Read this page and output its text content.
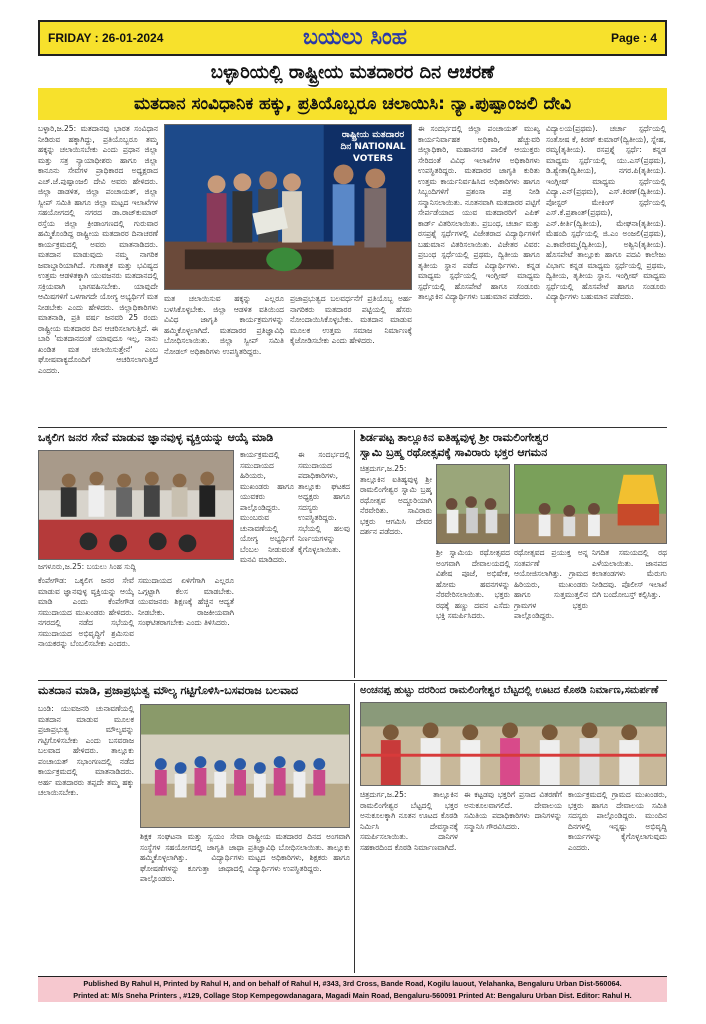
FRIDAY : 26-01-2024	ಬಯಲು ಸಿಂಹ	Page : 4
ಬಳ್ಳಾರಿಯಲ್ಲಿ ರಾಷ್ಟ್ರೀಯ ಮತದಾರರ ದಿನ ಆಚರಣೆ
ಮತದಾನ ಸಂವಿಧಾನಿಕ ಹಕ್ಕು, ಪ್ರತಿಯೊಬ್ಬರೂ ಚಲಾಯಿಸಿ: ನ್ಯಾ.ಪುಷ್ಪಾಂಜಲಿ ದೇವಿ
ಬಳ್ಳಾರಿ,ಜ.25: ಮತದಾನವು ಭಾರತ ಸಂವಿಧಾನ ನೀಡಿರುವ ಹಕ್ಕಾಗಿದ್ದು, ಪ್ರತಿಯೊಬ್ಬರೂ ತಮ್ಮ ಹಕ್ಕನ್ನು ಚಲಾಯಿಸಬೇಕು ಎಂದು ಪ್ರಧಾನ ಜಿಲ್ಲಾ ಮತ್ತು ಸತ್ರ ನ್ಯಾಯಾಧೀಶರು ಹಾಗೂ ಜಿಲ್ಲಾ ಕಾನೂನು ಸೇವೆಗಳ ಪ್ರಾಧಿಕಾರದ ಅಧ್ಯಕ್ಷರಾದ ಎಚ್.ಜೆ.ಪುಷ್ಪಾಂಜಲಿ ದೇವಿ ಅವರು ಹೇಳಿದರು. ಜಿಲ್ಲಾ ಡಾಡಳಿತ, ಜಿಲ್ಲಾ ಪಂಚಾಯತ್, ಜಿಲ್ಲಾ ಸ್ವೀಪ್ ಸಮಿತಿ ಹಾಗೂ ಜಿಲ್ಲಾ ಮಟ್ಟದ ಇಲಾಖೆಗಳ ಸಹಯೋಗದಲ್ಲಿ ನಗರದ ಡಾ.ರಾಜ್‌ಕುಮಾರ್ ರಸ್ತೆಯ ಜಿಲ್ಲಾ ಕ್ರೀಡಾಂಗಣದಲ್ಲಿ ಗುರುವಾರ ಹಮ್ಮಿಕೊಂಡಿದ್ದ ರಾಷ್ಟ್ರೀಯ ಮತದಾರರ ದಿನಾಚರಣೆ ಕಾರ್ಯಕ್ರಮದಲ್ಲಿ ಅವರು ಮಾತನಾಡಿದರು. ಮತದಾನ ಮಾಡುವುದು ನಮ್ಮ ನಾಗರಿಕ ಜವಾಬ್ದಾರಿಯಾಗಿದೆ. ಗುಣಾತ್ಮಕ ಮತ್ತು ಭವಿಷ್ಯದ ಉತ್ತಮ ಆಡಳಿತಕ್ಕಾಗಿ ಯುವಜನರು ಮತದಾನದಲ್ಲಿ ಸಕ್ರಿಯವಾಗಿ ಭಾಗವಹಿಸಬೇಕು. ಯಾವುದೇ ಆಮಿಷಗಳಿಗೆ ಒಳಗಾಗದೇ ಯೋಗ್ಯ ಅಭ್ಯರ್ಥಿಗೆ ಮತ ನೀಡಬೇಕು ಎಂದು ಹೇಳಿದರು. ಜಿಲ್ಲಾಧಿಕಾರಿಗಳು ಮಾತನಾಡಿ, ಪ್ರತಿ ವರ್ಷ ಜನವರಿ 25 ರಂದು ರಾಷ್ಟ್ರೀಯ ಮತದಾರರ ದಿನ ಆಚರಿಸಲಾಗುತ್ತಿದೆ. ಈ ಬಾರಿ 'ಮತದಾನದಂತೆ ಯಾವುದೂ ಇಲ್ಲ, ನಾನು ಖಂಡಿತ ಮತ ಚಲಾಯಿಸುತ್ತೇನೆ' ಎಂಬ ಘೋಷವಾಕ್ಯದೊಂದಿಗೆ ಆಚರಿಸಲಾಗುತ್ತಿದೆ ಎಂದರು.
ರಾಷ್ಟ್ರೀಯ ಮತದಾರರ ದಿನ NATIONAL VOTERS
ಮತ ಚಲಾಯಿಸುವ ಹಕ್ಕನ್ನು ಎಲ್ಲರೂ ಬಳಸಿಕೊಳ್ಳಬೇಕು. ಜಿಲ್ಲಾ ಆಡಳಿತ ವತಿಯಿಂದ ವಿವಿಧ ಜಾಗೃತಿ ಕಾರ್ಯಕ್ರಮಗಳನ್ನು ಹಮ್ಮಿಕೊಳ್ಳಲಾಗಿದೆ. ಮತದಾರರ ಪ್ರತಿಜ್ಞಾವಿಧಿ ಬೋಧಿಸಲಾಯಿತು. ಜಿಲ್ಲಾ ಸ್ವೀಪ್ ಸಮಿತಿ ನೋಡಲ್ ಅಧಿಕಾರಿಗಳು ಉಪಸ್ಥಿತರಿದ್ದರು.
ಪ್ರಜಾಪ್ರಭುತ್ವದ ಬಲವರ್ಧನೆಗೆ ಪ್ರತಿಯೊಬ್ಬ ಅರ್ಹ ನಾಗರಿಕರು ಮತದಾರರ ಪಟ್ಟಿಯಲ್ಲಿ ಹೆಸರು ನೋಂದಾಯಿಸಿಕೊಳ್ಳಬೇಕು. ಮತದಾನ ಮಾಡುವ ಮೂಲಕ ಉತ್ತಮ ಸಮಾಜ ನಿರ್ಮಾಣಕ್ಕೆ ಕೈಜೋಡಿಸಬೇಕು ಎಂದು ಹೇಳಿದರು.
ಈ ಸಂದರ್ಭದಲ್ಲಿ ಜಿಲ್ಲಾ ಪಂಚಾಯತ್ ಮುಖ್ಯ ಕಾರ್ಯನಿರ್ವಾಹಕ ಅಧಿಕಾರಿ, ಹೆಚ್ಚುವರಿ ಜಿಲ್ಲಾಧಿಕಾರಿ, ಮಹಾನಗರ ಪಾಲಿಕೆ ಆಯುಕ್ತರು ಸೇರಿದಂತೆ ವಿವಿಧ ಇಲಾಖೆಗಳ ಅಧಿಕಾರಿಗಳು ಉಪಸ್ಥಿತರಿದ್ದರು. ಮತದಾರರ ಜಾಗೃತಿ ಕುರಿತು ಉತ್ತಮ ಕಾರ್ಯನಿರ್ವಹಿಸಿದ ಅಧಿಕಾರಿಗಳು ಹಾಗೂ ಸಿಬ್ಬಂದಿಗಳಿಗೆ ಪ್ರಶಂಸಾ ಪತ್ರ ನೀಡಿ ಸನ್ಮಾನಿಸಲಾಯಿತು. ನೂತನವಾಗಿ ಮತದಾರರ ಪಟ್ಟಿಗೆ ಸೇರ್ಪಡೆಯಾದ ಯುವ ಮತದಾರರಿಗೆ ಎಪಿಕ್ ಕಾರ್ಡ್ ವಿತರಿಸಲಾಯಿತು. ಪ್ರಬಂಧ, ಚರ್ಚಾ ಮತ್ತು ರಸಪ್ರಶ್ನೆ ಸ್ಪರ್ಧೆಗಳಲ್ಲಿ ವಿಜೇತರಾದ ವಿದ್ಯಾರ್ಥಿಗಳಿಗೆ ಬಹುಮಾನ ವಿತರಿಸಲಾಯಿತು. ವಿಜೇತರ ವಿವರ: ಪ್ರಬಂಧ ಸ್ಪರ್ಧೆಯಲ್ಲಿ ಪ್ರಥಮ, ದ್ವಿತೀಯ ಹಾಗೂ ತೃತೀಯ ಸ್ಥಾನ ಪಡೆದ ವಿದ್ಯಾರ್ಥಿಗಳು. ಕನ್ನಡ ಮಾಧ್ಯಮ ಸ್ಪರ್ಧೆಯಲ್ಲಿ ಇಂಗ್ಲೀಷ್ ಮಾಧ್ಯಮ ಸ್ಪರ್ಧೆಯಲ್ಲಿ ಹೊಸಪೇಟೆ ಹಾಗೂ ಸಂಡೂರು ತಾಲ್ಲೂಕಿನ ವಿದ್ಯಾರ್ಥಿಗಳು ಬಹುಮಾನ ಪಡೆದರು.
ವಿದ್ಯಾಲಯ(ಪ್ರಥಮ). ಚರ್ಚಾ ಸ್ಪರ್ಧೆಯಲ್ಲಿ ಸಂತೋಷ ಕೆ, ಕಿರಣ್ ಕುಮಾರ್(ದ್ವಿತೀಯ), ಸ್ನೇಹ, ರಮ್ಯ(ತೃತೀಯ). ರಸಪ್ರಶ್ನೆ ಸ್ಪರ್ಧೆ: ಕನ್ನಡ ಮಾಧ್ಯಮ ಸ್ಪರ್ಧೆಯಲ್ಲಿ ಯು.ಎಸ್(ಪ್ರಥಮ), ಡಿ.ಶ್ವೇತಾ(ದ್ವಿತೀಯ), ನಗರ.ಪಿ(ತೃತೀಯ). ಇಂಗ್ಲೀಷ್ ಮಾಧ್ಯಮ ಸ್ಪರ್ಧೆಯಲ್ಲಿ ವಿದ್ಯಾ.ಎನ್(ಪ್ರಥಮ), ಎಸ್.ಕಿರಣ್(ದ್ವಿತೀಯ). ಪೋಸ್ಟರ್ ಮೇಕಿಂಗ್ ಸ್ಪರ್ಧೆಯಲ್ಲಿ ಎಸ್.ಕೆ.ಪ್ರಶಾಂತ್(ಪ್ರಥಮ), ಎನ್.ಕೀರ್ತಿ(ದ್ವಿತೀಯ), ಮೇಘನಾ(ತೃತೀಯ). ಮೆಹಂದಿ ಸ್ಪರ್ಧೆಯಲ್ಲಿ ಜಿ.ಎಂ ಅಂಜಲಿ(ಪ್ರಥಮ), ಎ.ಕಾವೇರಮ್ಮ(ದ್ವಿತೀಯ), ಅಶ್ವಿನಿ(ತೃತೀಯ). ಹೊಸಪೇಟೆ ತಾಲ್ಲೂಕು ಹಾಗೂ ಪದವಿ ಕಾಲೇಜು ವಿಭಾಗ: ಕನ್ನಡ ಮಾಧ್ಯಮ ಸ್ಪರ್ಧೆಯಲ್ಲಿ ಪ್ರಥಮ, ದ್ವಿತೀಯ, ತೃತೀಯ ಸ್ಥಾನ. ಇಂಗ್ಲೀಷ್ ಮಾಧ್ಯಮ ಸ್ಪರ್ಧೆಯಲ್ಲಿ ಹೊಸಪೇಟೆ ಹಾಗೂ ಸಂಡೂರು ವಿದ್ಯಾರ್ಥಿಗಳು ಬಹುಮಾನ ಪಡೆದರು.
ಒಕ್ಕಲಿಗ ಜನರ ಸೇವೆ ಮಾಡುವ ಜ್ಞಾನವುಳ್ಳ ವ್ಯಕ್ತಿಯನ್ನು ಆಯ್ಕೆ ಮಾಡಿ
ಜಗಳೂರು,ಜ.25: ಬಯಲು ಸಿಂಹ ಸುದ್ದಿ
ಕೆಂಪೇಗೌಡ: ಒಕ್ಕಲಿಗ ಜನರ ಸೇವೆ ಮಾಡುವ ಜ್ಞಾನವುಳ್ಳ ವ್ಯಕ್ತಿಯನ್ನು ಆಯ್ಕೆ ಮಾಡಿ ಎಂದು ಕೆಂಪೇಗೌಡ ಸಮುದಾಯದ ಮುಖಂಡರು ಹೇಳಿದರು. ನಗರದಲ್ಲಿ ನಡೆದ ಸಭೆಯಲ್ಲಿ ಸಮುದಾಯದ ಅಭಿವೃದ್ಧಿಗೆ ಶ್ರಮಿಸುವ ನಾಯಕರನ್ನು ಬೆಂಬಲಿಸಬೇಕು ಎಂದರು.
ಸಮುದಾಯದ ಏಳಿಗೆಗಾಗಿ ಎಲ್ಲರೂ ಒಗ್ಗಟ್ಟಾಗಿ ಕೆಲಸ ಮಾಡಬೇಕು. ಯುವಜನರು ಶಿಕ್ಷಣಕ್ಕೆ ಹೆಚ್ಚಿನ ಆದ್ಯತೆ ನೀಡಬೇಕು. ರಾಜಕೀಯವಾಗಿ ಸಂಘಟಿತರಾಗಬೇಕು ಎಂದು ತಿಳಿಸಿದರು.
ಕಾರ್ಯಕ್ರಮದಲ್ಲಿ ಸಮುದಾಯದ ಹಿರಿಯರು, ಮುಖಂಡರು ಹಾಗೂ ಯುವಕರು ಪಾಲ್ಗೊಂಡಿದ್ದರು. ಮುಂಬರುವ ಚುನಾವಣೆಯಲ್ಲಿ ಯೋಗ್ಯ ಅಭ್ಯರ್ಥಿಗೆ ಬೆಂಬಲ ನೀಡುವಂತೆ ಮನವಿ ಮಾಡಿದರು.
ಈ ಸಂದರ್ಭದಲ್ಲಿ ಸಮುದಾಯದ ಪದಾಧಿಕಾರಿಗಳು, ತಾಲ್ಲೂಕು ಘಟಕದ ಅಧ್ಯಕ್ಷರು ಹಾಗೂ ಸದಸ್ಯರು ಉಪಸ್ಥಿತರಿದ್ದರು. ಸಭೆಯಲ್ಲಿ ಹಲವು ನಿರ್ಣಯಗಳನ್ನು ಕೈಗೊಳ್ಳಲಾಯಿತು.
ಶಿರ್ಡಪಟ್ಟ ತಾಲ್ಲೂಕಿನ ಐತಿಹ್ಯವುಳ್ಳ ಶ್ರೀ ರಾಮಲಿಂಗೇಶ್ವರ
ಸ್ವಾಮಿ ಬ್ರಹ್ಮ ರಥೋತ್ಸವಕ್ಕೆ ಸಾವಿರಾರು ಭಕ್ತರ ಆಗಮನ
ಚಿತ್ರದುರ್ಗ,ಜ.25: ತಾಲ್ಲೂಕಿನ ಐತಿಹ್ಯವುಳ್ಳ ಶ್ರೀ ರಾಮಲಿಂಗೇಶ್ವರ ಸ್ವಾಮಿ ಬ್ರಹ್ಮ ರಥೋತ್ಸವ ಅದ್ದೂರಿಯಾಗಿ ನೆರವೇರಿತು. ಸಾವಿರಾರು ಭಕ್ತರು ಆಗಮಿಸಿ ದೇವರ ದರ್ಶನ ಪಡೆದರು.
ಶ್ರೀ ಸ್ವಾಮಿಯ ರಥೋತ್ಸವದ ಅಂಗವಾಗಿ ದೇವಾಲಯದಲ್ಲಿ ವಿಶೇಷ ಪೂಜೆ, ಅಭಿಷೇಕ, ಹೋಮ ಹವನಗಳನ್ನು ನೆರವೇರಿಸಲಾಯಿತು. ಭಕ್ತರು ರಥಕ್ಕೆ ಹಣ್ಣು ದವನ ಎಸೆದು ಭಕ್ತಿ ಸಮರ್ಪಿಸಿದರು.
ರಥೋತ್ಸವದ ಪ್ರಯುಕ್ತ ಅನ್ನ ಸಂತರ್ಪಣೆ ಆಯೋಜಿಸಲಾಗಿತ್ತು. ಗ್ರಾಮದ ಹಿರಿಯರು, ಮುಖಂಡರು ಹಾಗೂ ಸುತ್ತಮುತ್ತಲಿನ ಗ್ರಾಮಗಳ ಭಕ್ತರು ಪಾಲ್ಗೊಂಡಿದ್ದರು.
ನಿಗದಿತ ಸಮಯದಲ್ಲಿ ರಥ ಎಳೆಯಲಾಯಿತು. ಜಾನಪದ ಕಲಾತಂಡಗಳು ಮೆರುಗು ನೀಡಿದವು. ಪೊಲೀಸ್ ಇಲಾಖೆ ಬಿಗಿ ಬಂದೋಬಸ್ತ್ ಕಲ್ಪಿಸಿತ್ತು.
ಮತದಾನ ಮಾಡಿ, ಪ್ರಜಾಪ್ರಭುತ್ವ ಮೌಲ್ಯ ಗಟ್ಟಿಗೊಳಿಸಿ-ಬಸವರಾಜ ಬಲವಾದ
ಬಂಡಿ: ಯುವಜನರಿ ಚುನಾವಣೆಯಲ್ಲಿ ಮತದಾನ ಮಾಡುವ ಮೂಲಕ ಪ್ರಜಾಪ್ರಭುತ್ವ ಮೌಲ್ಯವನ್ನು ಗಟ್ಟಿಗೊಳಿಸಬೇಕು ಎಂದು ಬಸವರಾಜ ಬಲವಾದ ಹೇಳಿದರು. ತಾಲ್ಲೂಕು ಪಂಚಾಯತ್ ಸಭಾಂಗಣದಲ್ಲಿ ನಡೆದ ಕಾರ್ಯಕ್ರಮದಲ್ಲಿ ಮಾತನಾಡಿದರು. ಅರ್ಹ ಮತದಾರರು ತಪ್ಪದೇ ತಮ್ಮ ಹಕ್ಕು ಚಲಾಯಿಸಬೇಕು.
ಶಿಕ್ಷಕ ಸಂಘಟನಾ ಮತ್ತು ಸ್ವಯಂ ಸೇವಾ ಸಂಸ್ಥೆಗಳ ಸಹಯೋಗದಲ್ಲಿ ಜಾಗೃತಿ ಜಾಥಾ ಹಮ್ಮಿಕೊಳ್ಳಲಾಗಿತ್ತು. ವಿದ್ಯಾರ್ಥಿಗಳು ಘೋಷಣೆಗಳನ್ನು ಕೂಗುತ್ತಾ ಜಾಥಾದಲ್ಲಿ ಪಾಲ್ಗೊಂಡರು.
ರಾಷ್ಟ್ರೀಯ ಮತದಾರರ ದಿನದ ಅಂಗವಾಗಿ ಪ್ರತಿಜ್ಞಾವಿಧಿ ಬೋಧಿಸಲಾಯಿತು. ತಾಲ್ಲೂಕು ಮಟ್ಟದ ಅಧಿಕಾರಿಗಳು, ಶಿಕ್ಷಕರು ಹಾಗೂ ವಿದ್ಯಾರ್ಥಿಗಳು ಉಪಸ್ಥಿತರಿದ್ದರು.
ಅಂಚನಪ್ಪ ಹುಟ್ಟು ದರರಿಂದ ರಾಮಲಿಂಗೇಶ್ವರ ಬೆಟ್ಟದಲ್ಲಿ ಊಟದ ಕೊಠಡಿ ನಿರ್ಮಾಣ,ಸಮರ್ಪಣೆ
ಚಿತ್ರದುರ್ಗ,ಜ.25: ತಾಲ್ಲೂಕಿನ ರಾಮಲಿಂಗೇಶ್ವರ ಬೆಟ್ಟದಲ್ಲಿ ಭಕ್ತರ ಅನುಕೂಲಕ್ಕಾಗಿ ನೂತನ ಊಟದ ಕೊಠಡಿ ನಿರ್ಮಿಸಿ ದೇವಸ್ಥಾನಕ್ಕೆ ಸಮರ್ಪಿಸಲಾಯಿತು. ದಾನಿಗಳ ಸಹಕಾರದಿಂದ ಕೊಠಡಿ ನಿರ್ಮಾಣವಾಗಿದೆ.
ಈ ಕಟ್ಟಡವು ಭಕ್ತರಿಗೆ ಪ್ರಸಾದ ವಿತರಣೆಗೆ ಅನುಕೂಲವಾಗಲಿದೆ. ದೇವಾಲಯ ಸಮಿತಿಯ ಪದಾಧಿಕಾರಿಗಳು ದಾನಿಗಳನ್ನು ಸನ್ಮಾನಿಸಿ ಗೌರವಿಸಿದರು.
ಕಾರ್ಯಕ್ರಮದಲ್ಲಿ ಗ್ರಾಮದ ಮುಖಂಡರು, ಭಕ್ತರು ಹಾಗೂ ದೇವಾಲಯ ಸಮಿತಿ ಸದಸ್ಯರು ಪಾಲ್ಗೊಂಡಿದ್ದರು. ಮುಂದಿನ ದಿನಗಳಲ್ಲಿ ಇನ್ನಷ್ಟು ಅಭಿವೃದ್ಧಿ ಕಾರ್ಯಗಳನ್ನು ಕೈಗೊಳ್ಳಲಾಗುವುದು ಎಂದರು.
Published By Rahul H, Printed by Rahul H, and on behalf of Rahul H, #343, 3rd Cross, Bande Road, Kogilu lauout, Yelahanka, Bengaluru Urban Dist-560064.
Printed at: M/s Sneha Printers , #129, Collage Stop Kempegowdanagara, Magadi Main Road, Bengaluru-560091 Printed At: Bengaluru Urban Dist. Editor: Rahul H.
